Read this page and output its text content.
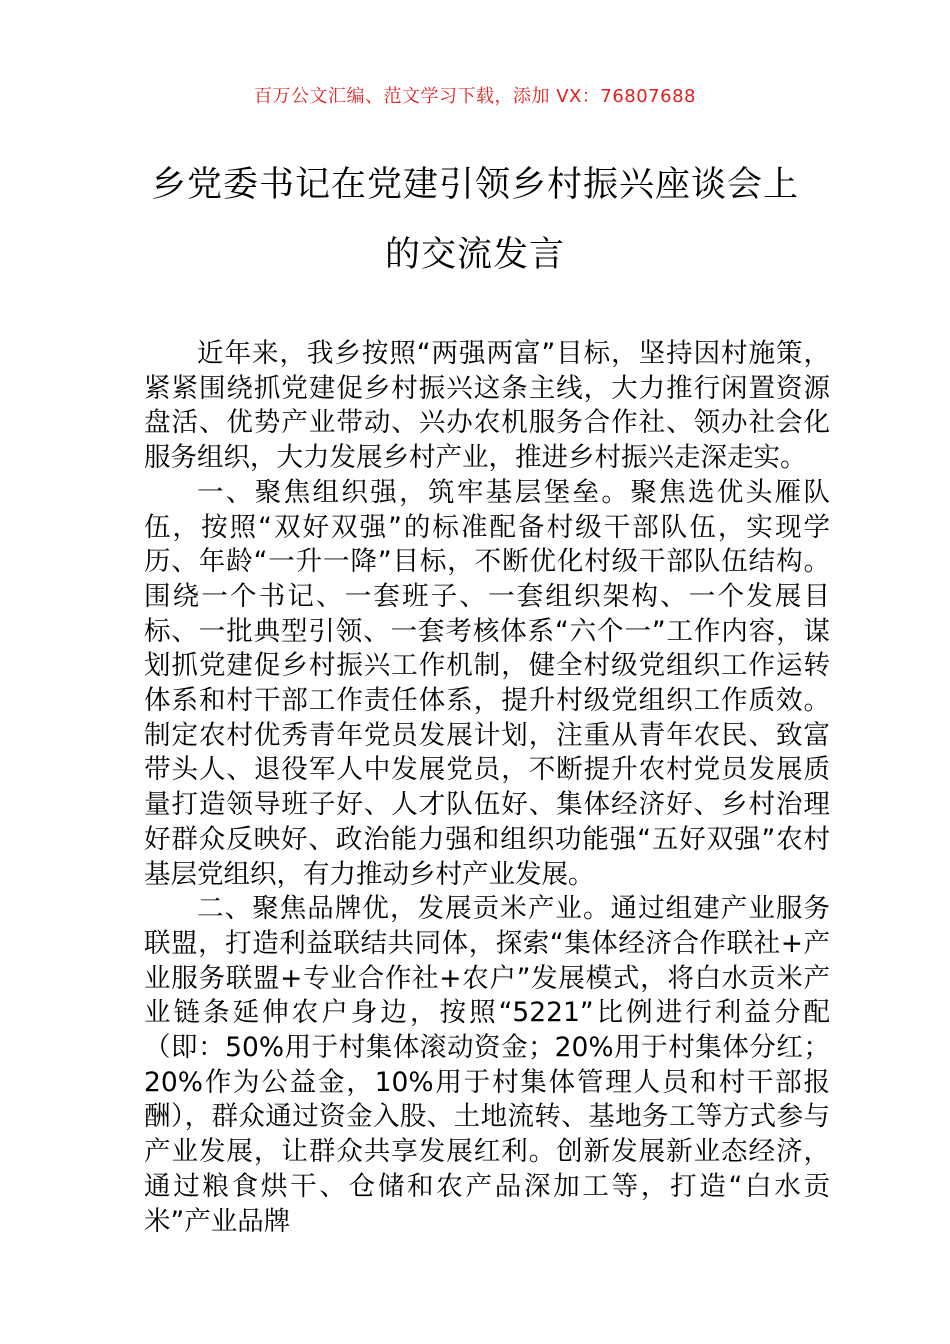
百万公文汇编、范文学习下载，添加 VX：76807688
乡党委书记在党建引领乡村振兴座谈会上的交流发言

近年来，我乡按照“两强两富”目标，坚持因村施策，紧紧围绕抓党建促乡村振兴这条主线，大力推行闲置资源盘活、优势产业带动、兴办农机服务合作社、领办社会化服务组织，大力发展乡村产业，推进乡村振兴走深走实。

一、聚焦组织强，筑牢基层堡垒。聚焦选优头雁队伍，按照“双好双强”的标准配备村级干部队伍，实现学历、年龄“一升一降”目标，不断优化村级干部队伍结构。围绕一个书记、一套班子、一套组织架构、一个发展目标、一批典型引领、一套考核体系“六个一”工作内容，谋划抓党建促乡村振兴工作机制，健全村级党组织工作运转体系和村干部工作责任体系，提升村级党组织工作质效。制定农村优秀青年党员发展计划，注重从青年农民、致富带头人、退役军人中发展党员，不断提升农村党员发展质量打造领导班子好、人才队伍好、集体经济好、乡村治理好群众反映好、政治能力强和组织功能强“五好双强”农村基层党组织，有力推动乡村产业发展。

二、聚焦品牌优，发展贡米产业。通过组建产业服务联盟，打造利益联结共同体，探索“集体经济合作联社+产业服务联盟+专业合作社+农户”发展模式，将白水贡米产业链条延伸农户身边，按照“5221”比例进行利益分配（即：50%用于村集体滚动资金；20%用于村集体分红；20%作为公益金，10%用于村集体管理人员和村干部报酬），群众通过资金入股、土地流转、基地务工等方式参与产业发展，让群众共享发展红利。创新发展新业态经济，通过粮食烘干、仓储和农产品深加工等，打造“白水贡米”产业品牌
